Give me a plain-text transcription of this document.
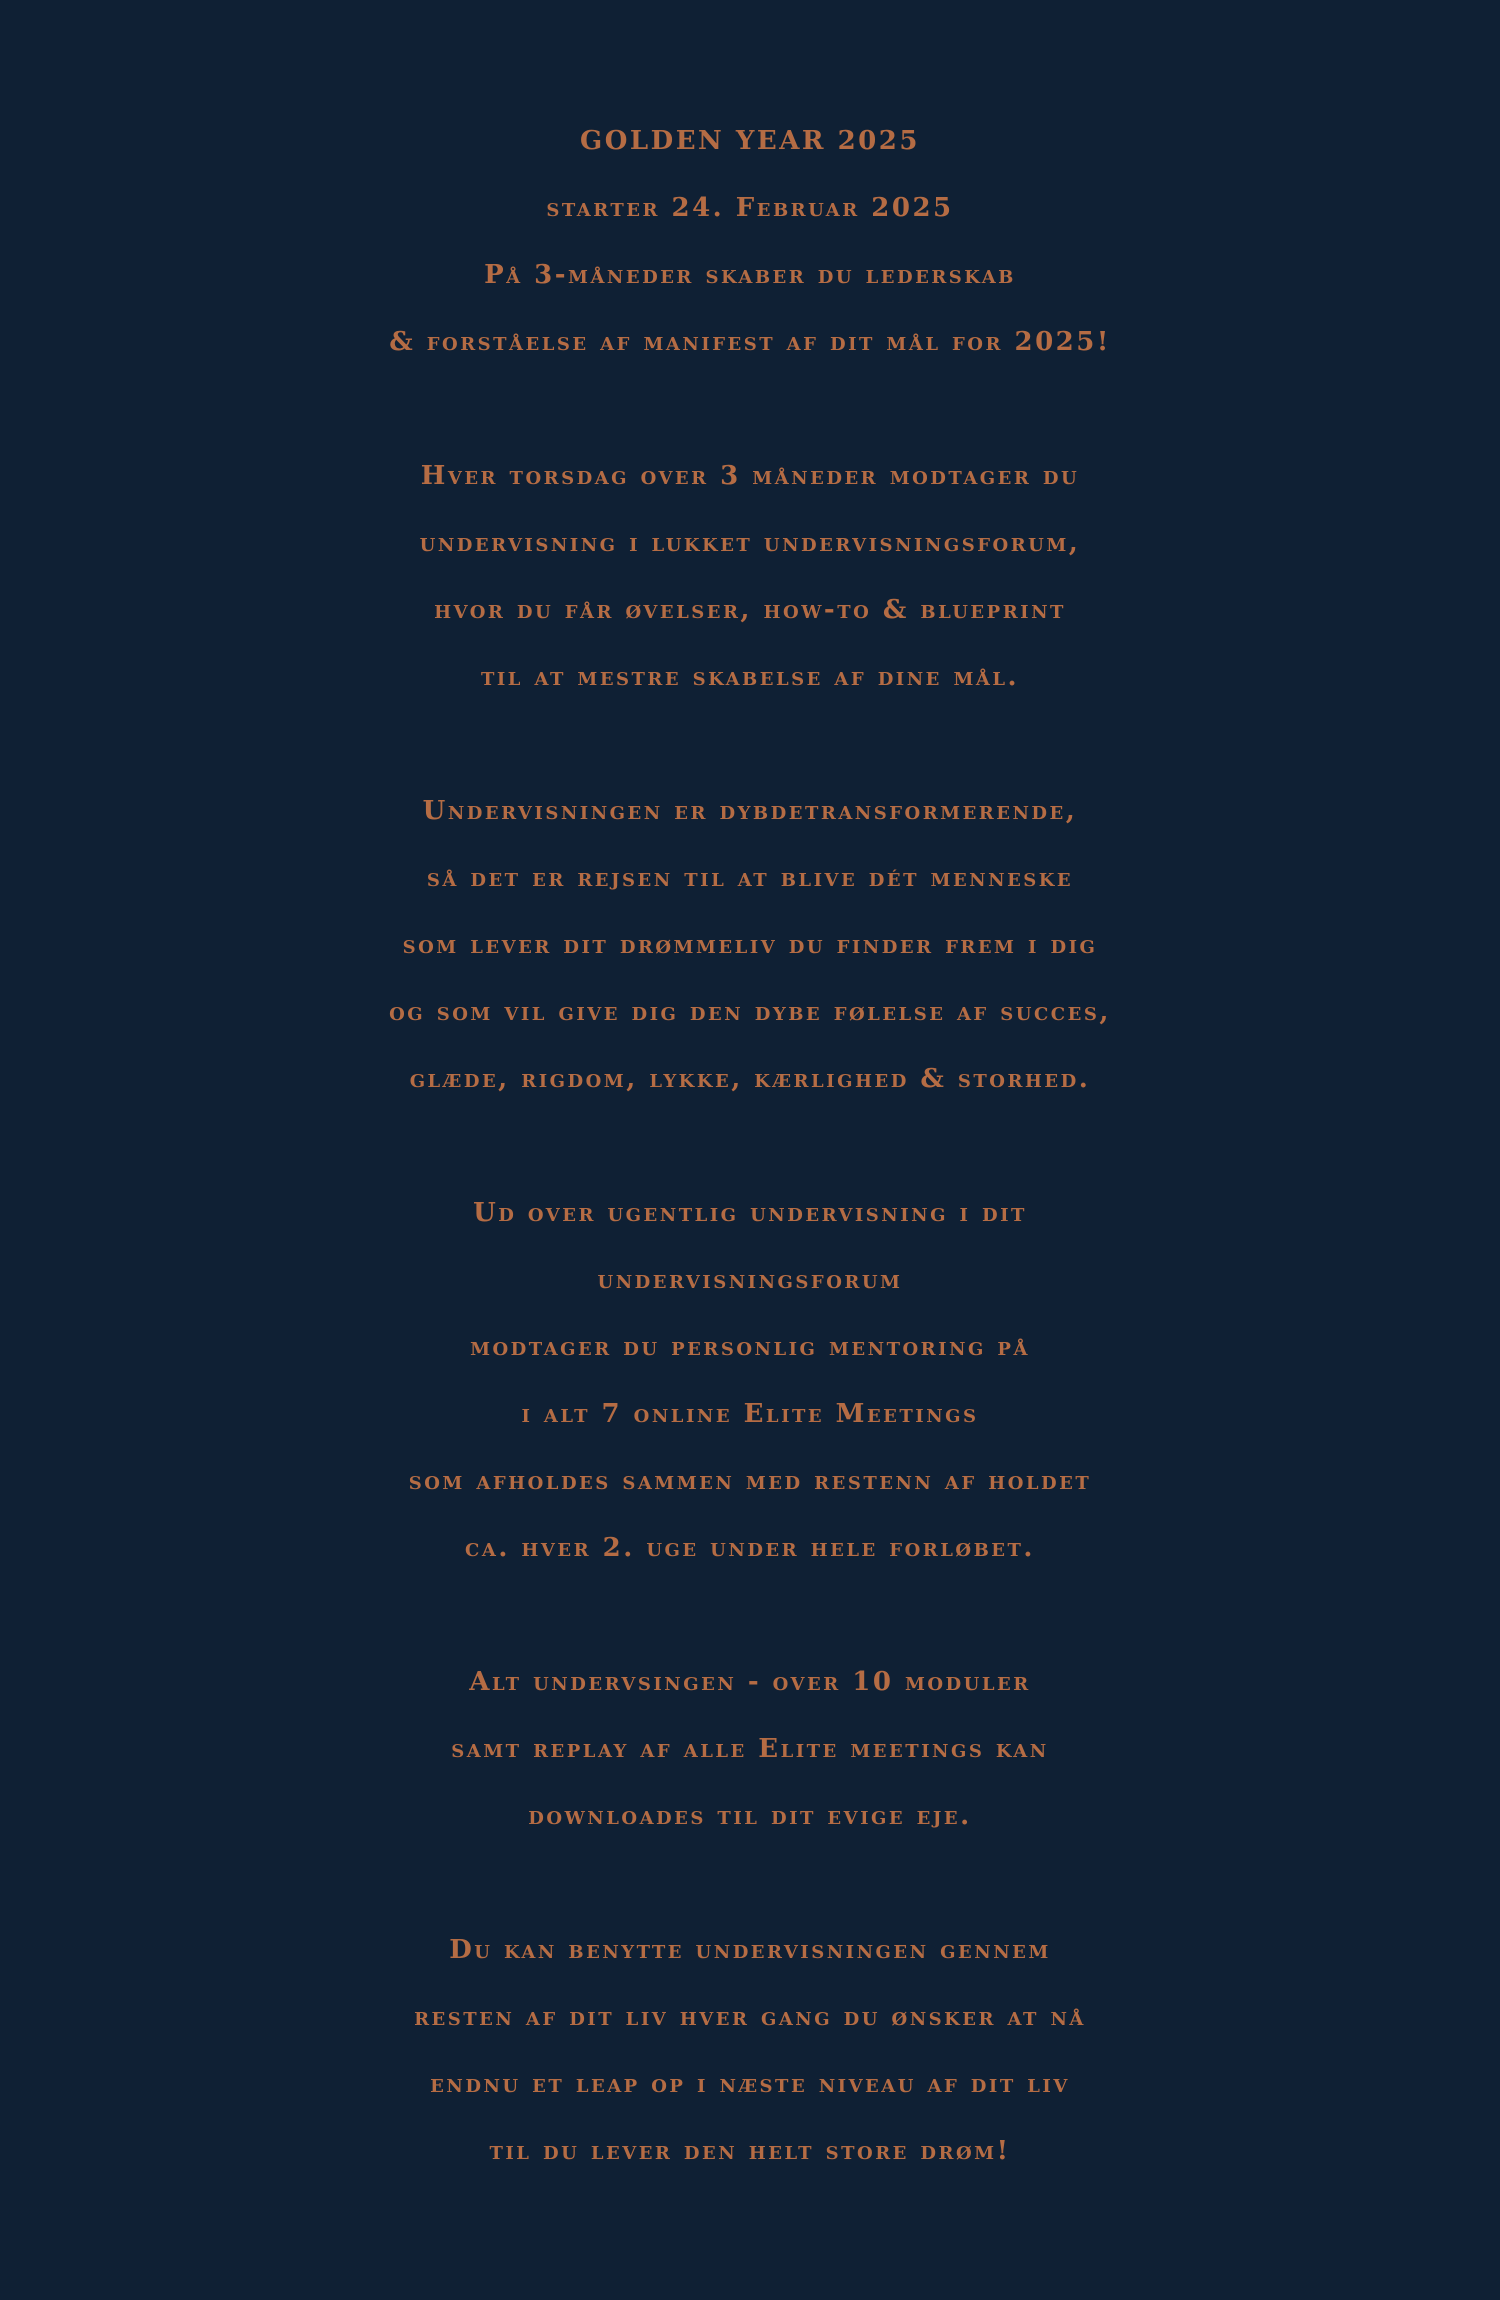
GOLDEN YEAR 2025
starter 24. Februar 2025
På 3-måneder skaber du lederskab
& forståelse af manifest af dit mål for 2025!
Hver torsdag over 3 måneder modtager du
undervisning i lukket undervisningsforum,
hvor du får øvelser, how-to & blueprint
til at mestre skabelse af dine mål.
Undervisningen er dybdetransformerende,
så det er rejsen til at blive dét menneske
som lever dit drømmeliv du finder frem i dig
og som vil give dig den dybe følelse af succes,
glæde, rigdom, lykke, kærlighed & storhed.
Ud over ugentlig undervisning i dit
undervisningsforum
modtager du personlig mentoring på
i alt 7 online Elite Meetings
som afholdes sammen med restenn af holdet
ca. hver 2. uge under hele forløbet.
Alt undervsingen - over 10 moduler
samt replay af alle Elite meetings kan
downloades til dit evige eje.
Du kan benytte undervisningen gennem
resten af dit liv hver gang du ønsker at nå
endnu et leap op i næste niveau af dit liv
til du lever den helt store drøm!
